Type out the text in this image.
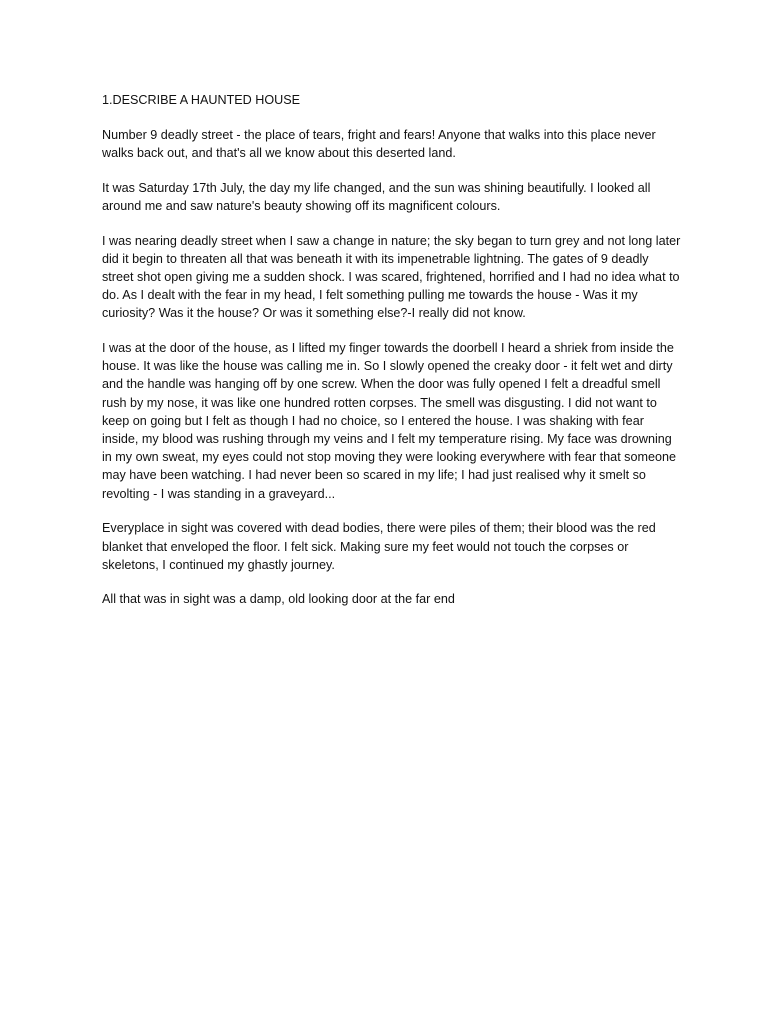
1.DESCRIBE A HAUNTED HOUSE

Number 9 deadly street - the place of tears, fright and fears! Anyone that walks into this place never walks back out, and that's all we know about this deserted land.

It was Saturday 17th July, the day my life changed, and the sun was shining beautifully. I looked all around me and saw nature's beauty showing off its magnificent colours.

I was nearing deadly street when I saw a change in nature; the sky began to turn grey and not long later did it begin to threaten all that was beneath it with its impenetrable lightning. The gates of 9 deadly street shot open giving me a sudden shock. I was scared, frightened, horrified and I had no idea what to do. As I dealt with the fear in my head, I felt something pulling me towards the house - Was it my curiosity? Was it the house? Or was it something else?-I really did not know.

I was at the door of the house, as I lifted my finger towards the doorbell I heard a shriek from inside the house. It was like the house was calling me in. So I slowly opened the creaky door - it felt wet and dirty and the handle was hanging off by one screw. When the door was fully opened I felt a dreadful smell rush by my nose, it was like one hundred rotten corpses. The smell was disgusting. I did not want to keep on going but I felt as though I had no choice, so I entered the house. I was shaking with fear inside, my blood was rushing through my veins and I felt my temperature rising. My face was drowning in my own sweat, my eyes could not stop moving they were looking everywhere with fear that someone may have been watching. I had never been so scared in my life; I had just realised why it smelt so revolting - I was standing in a graveyard...

Everyplace in sight was covered with dead bodies, there were piles of them; their blood was the red blanket that enveloped the floor. I felt sick. Making sure my feet would not touch the corpses or skeletons, I continued my ghastly journey.

All that was in sight was a damp, old looking door at the far end
